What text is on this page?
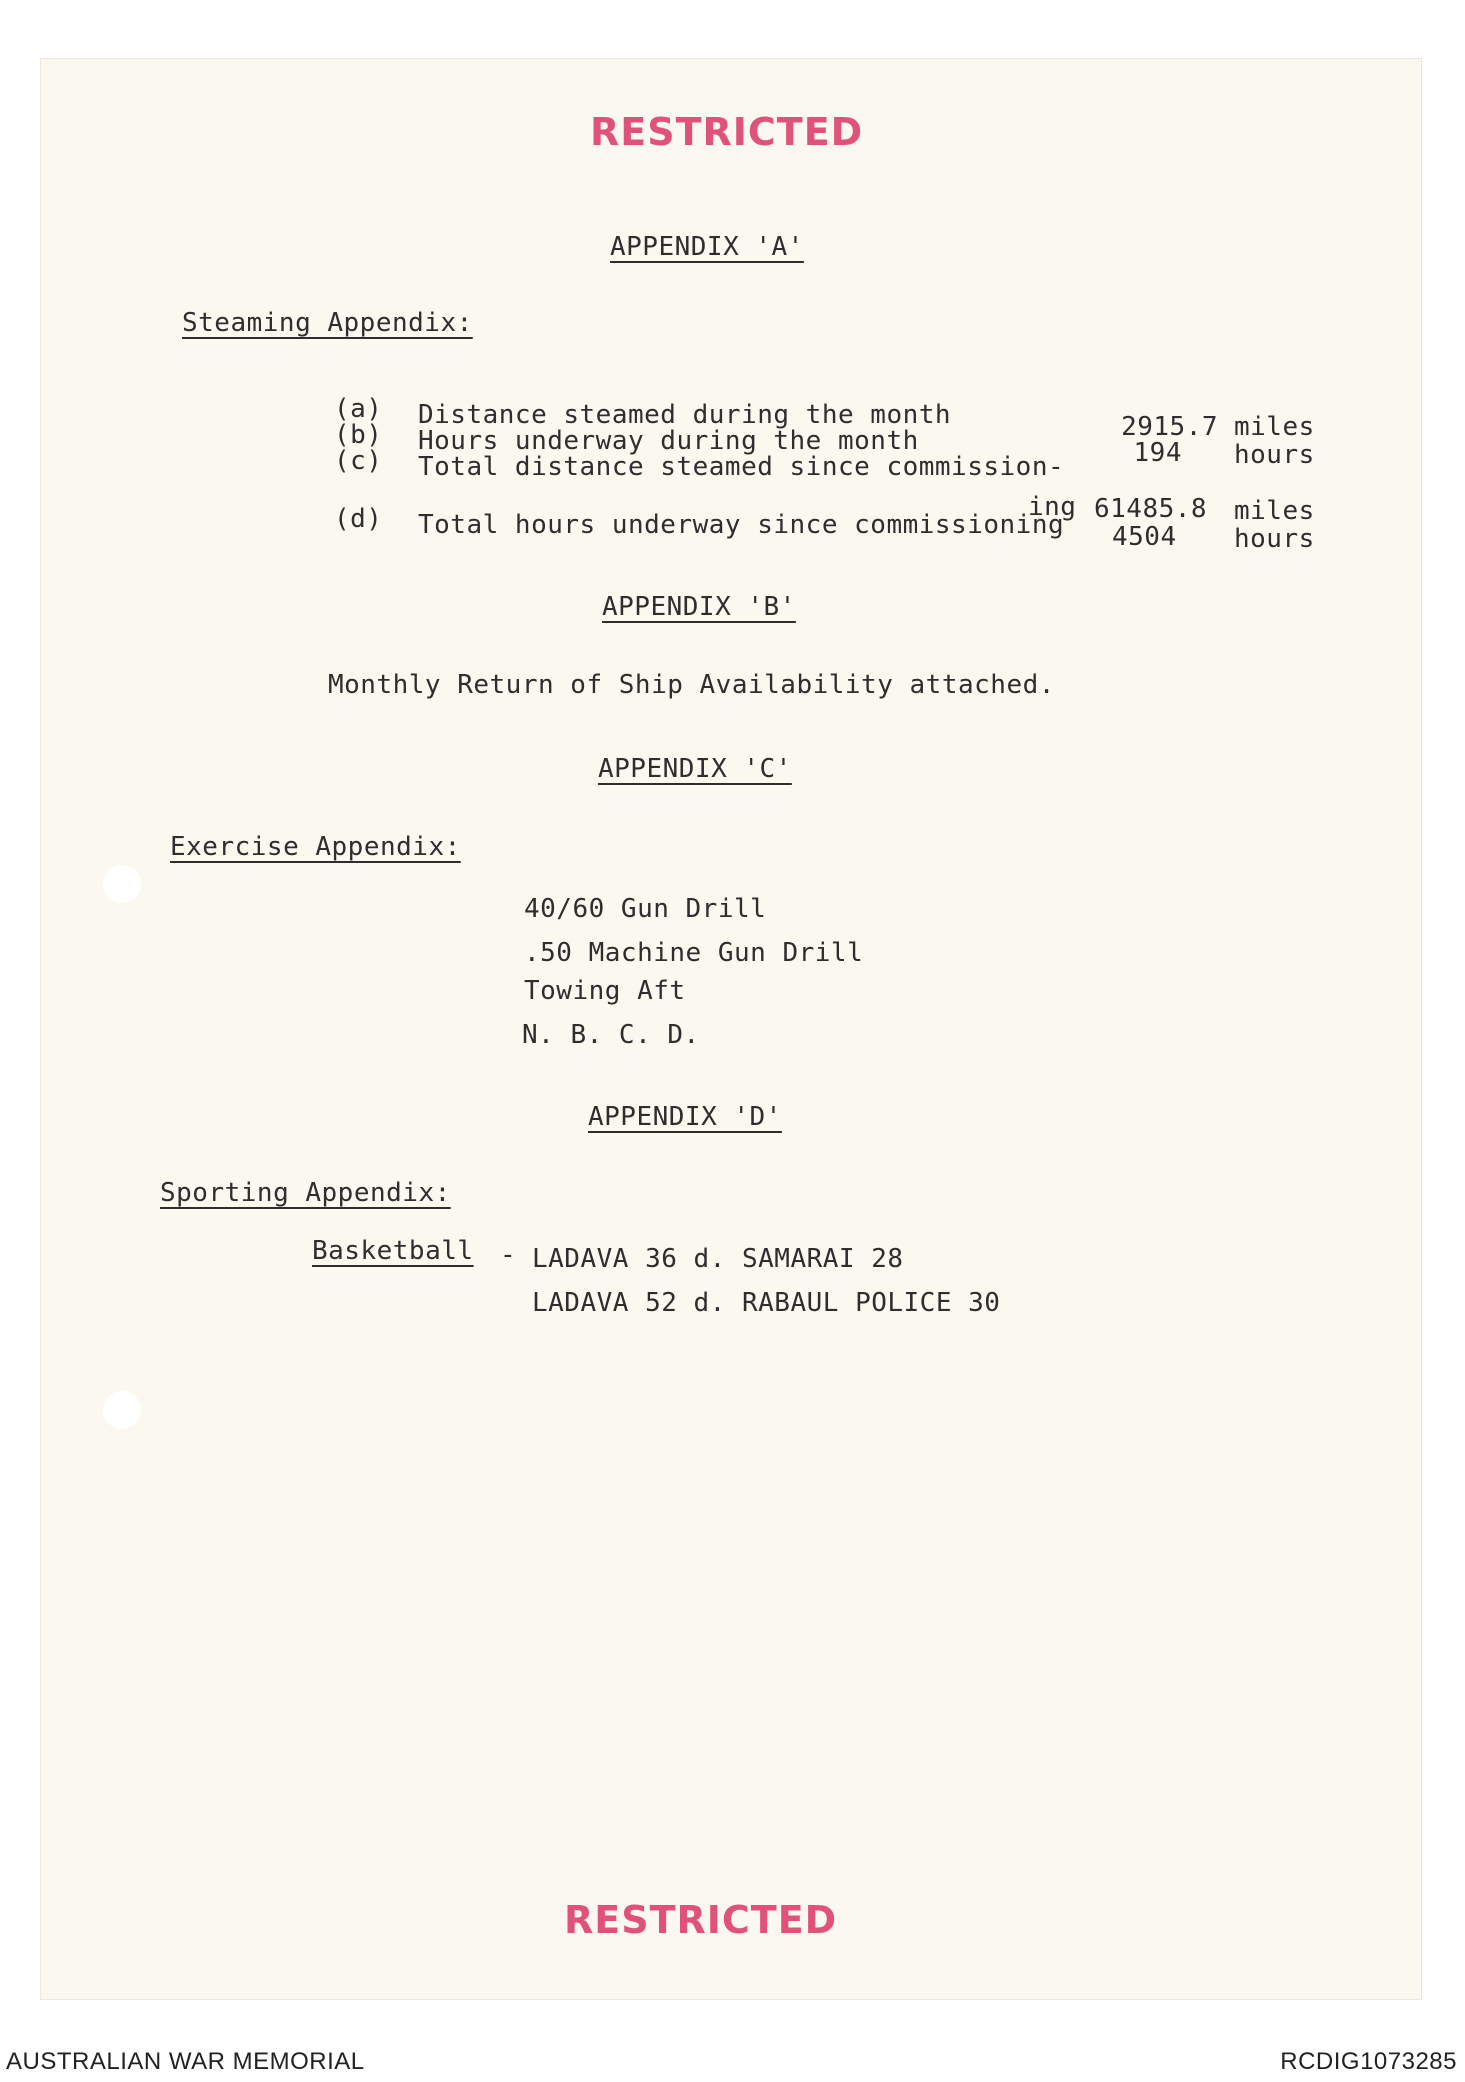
RESTRICTED
APPENDIX 'A'
Steaming Appendix:
(a) Distance steamed during the month	2915.7 miles
(b) Hours underway during the month	194 hours
(c) Total distance steamed since commission-
ing 61485.8 miles
(d) Total hours underway since commissioning 4504 hours
APPENDIX 'B'
Monthly Return of Ship Availability attached.
APPENDIX 'C'
Exercise Appendix:
40/60 Gun Drill
.50 Machine Gun Drill
Towing Aft
N. B. C. D.
APPENDIX 'D'
Sporting Appendix:
Basketball - LADAVA 36 d. SAMARAI 28
LADAVA 52 d. RABAUL POLICE 30
RESTRICTED
AUSTRALIAN WAR MEMORIAL	RCDIG1073285
